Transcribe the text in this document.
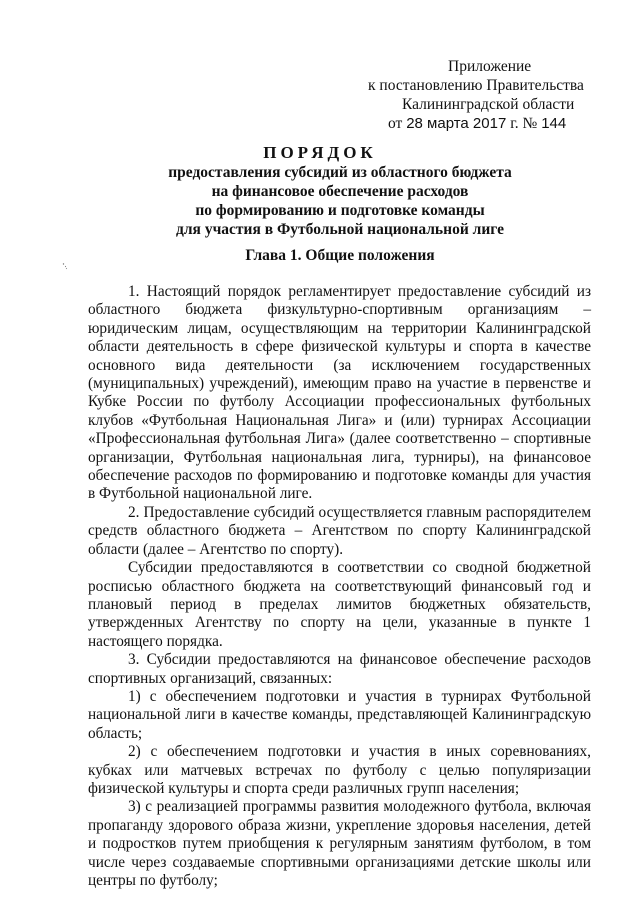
Приложение
к постановлению Правительства
Калининградской области
от 28 марта 2017 г. № 144
ПОРЯДОК
предоставления субсидий из областного бюджета
на финансовое обеспечение расходов
по формированию и подготовке команды
для участия в Футбольной национальной лиге
Глава 1. Общие положения

1. Настоящий порядок регламентирует предоставление субсидий из областного бюджета физкультурно-спортивным организациям – юридическим лицам, осуществляющим на территории Калининградской области деятельность в сфере физической культуры и спорта в качестве основного вида деятельности (за исключением государственных (муниципальных) учреждений), имеющим право на участие в первенстве и Кубке России по футболу Ассоциации профессиональных футбольных клубов «Футбольная Национальная Лига» и (или) турнирах Ассоциации «Профессиональная футбольная Лига» (далее соответственно – спортивные организации, Футбольная национальная лига, турниры), на финансовое обеспечение расходов по формированию и подготовке команды для участия в Футбольной национальной лиге.

2. Предоставление субсидий осуществляется главным распорядителем средств областного бюджета – Агентством по спорту Калининградской области (далее – Агентство по спорту).

Субсидии предоставляются в соответствии со сводной бюджетной росписью областного бюджета на соответствующий финансовый год и плановый период в пределах лимитов бюджетных обязательств, утвержденных Агентству по спорту на цели, указанные в пункте 1 настоящего порядка.

3. Субсидии предоставляются на финансовое обеспечение расходов спортивных организаций, связанных:

1) с обеспечением подготовки и участия в турнирах Футбольной национальной лиги в качестве команды, представляющей Калининградскую область;

2) с обеспечением подготовки и участия в иных соревнованиях, кубках или матчевых встречах по футболу с целью популяризации физической культуры и спорта среди различных групп населения;

3) с реализацией программы развития молодежного футбола, включая пропаганду здорового образа жизни, укрепление здоровья населения, детей и подростков путем приобщения к регулярным занятиям футболом, в том числе через создаваемые спортивными организациями детские школы или центры по футболу;
